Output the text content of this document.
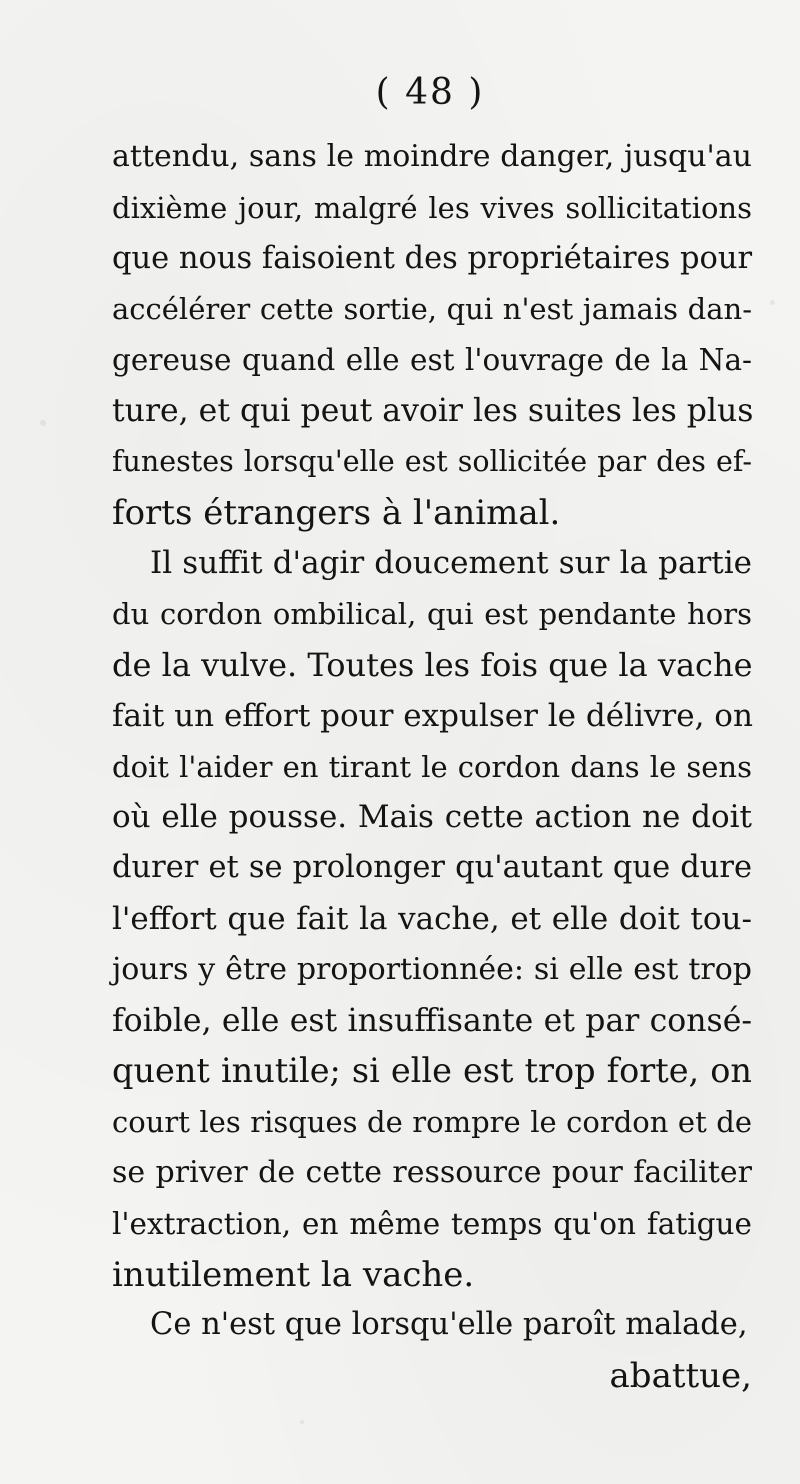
( 48 )
attendu, sans le moindre danger, jusqu'au
dixième jour, malgré les vives sollicitations
que nous faisoient des propriétaires pour
accélérer cette sortie, qui n'est jamais dan-
gereuse quand elle est l'ouvrage de la Na-
ture, et qui peut avoir les suites les plus
funestes lorsqu'elle est sollicitée par des ef-
forts étrangers à l'animal.
Il suffit d'agir doucement sur la partie
du cordon ombilical, qui est pendante hors
de la vulve. Toutes les fois que la vache
fait un effort pour expulser le délivre, on
doit l'aider en tirant le cordon dans le sens
où elle pousse. Mais cette action ne doit
durer et se prolonger qu'autant que dure
l'effort que fait la vache, et elle doit tou-
jours y être proportionnée: si elle est trop
foible, elle est insuffisante et par consé-
quent inutile; si elle est trop forte, on
court les risques de rompre le cordon et de
se priver de cette ressource pour faciliter
l'extraction, en même temps qu'on fatigue
inutilement la vache.
Ce n'est que lorsqu'elle paroît malade,
abattue,
